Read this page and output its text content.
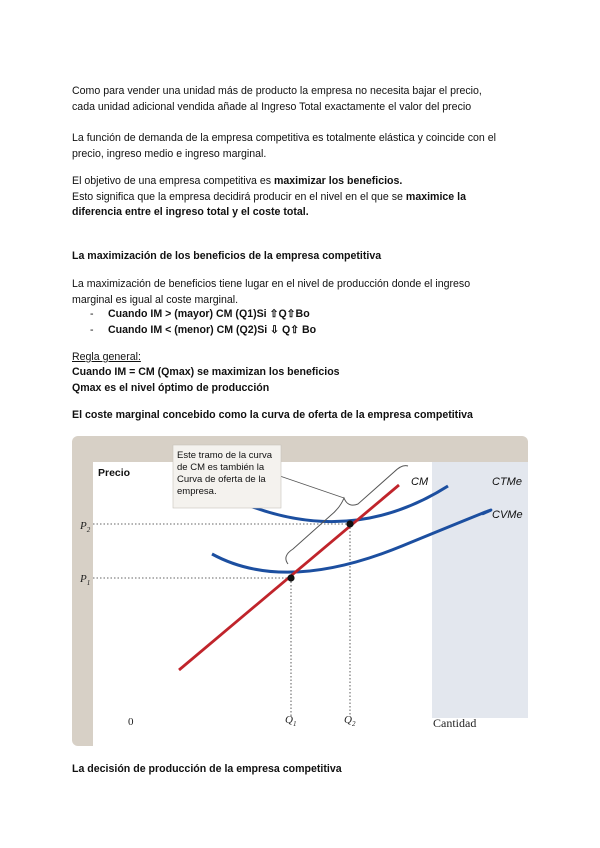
Como para vender una unidad más de producto la empresa no necesita bajar el precio,

cada unidad adicional vendida añade al Ingreso Total exactamente el valor del precio

La función de demanda de la empresa competitiva es totalmente elástica y coincide con el

precio, ingreso medio e ingreso marginal.

El objetivo de una empresa competitiva es maximizar los beneficios.

Esto significa que la empresa decidirá producir en el nivel en el que se maximice la

diferencia entre el ingreso total y el coste total.

La maximización de los beneficios de la empresa competitiva

La maximización de beneficios tiene lugar en el nivel de producción donde el ingreso

marginal es igual al coste marginal.

- Cuando IM > (mayor) CM (Q1)Si ⇧Q⇧Bo
- Cuando IM < (menor) CM (Q2)Si ⇩ Q⇧ Bo

Regla general:

Cuando IM = CM (Qmax) se maximizan los beneficios

Qmax es el nivel óptimo de producción

El coste marginal concebido como la curva de oferta de la empresa competitiva

Este tramo de la curva
de CM es también la
Curva de oferta de la
empresa.
Precio
Cantidad
0
$P_2$
$P_1$
$Q_1$	$Q_2$
CM	CTMe
CVMe

La decisión de producción de la empresa competitiva
